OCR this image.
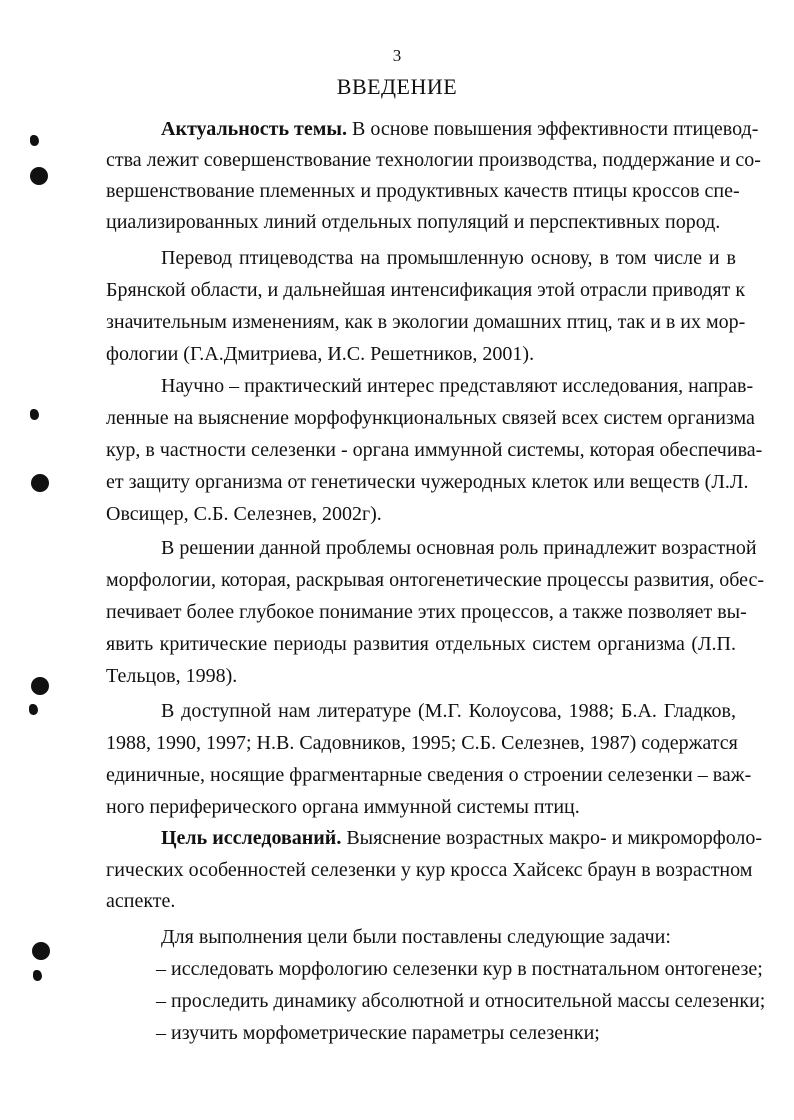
3
ВВЕДЕНИЕ
Актуальность темы. В основе повышения эффективности птицевод-
ства лежит совершенствование технологии производства, поддержание и со-
вершенствование племенных и продуктивных качеств птицы кроссов спе-
циализированных линий отдельных популяций и перспективных пород.
Перевод птицеводства на промышленную основу, в том числе и в
Брянской области, и дальнейшая интенсификация этой отрасли приводят к
значительным изменениям, как в экологии домашних птиц, так и в их мор-
фологии (Г.А.Дмитриева, И.С. Решетников, 2001).
Научно – практический интерес представляют исследования, направ-
ленные на выяснение морфофункциональных связей всех систем организма
кур, в частности селезенки - органа иммунной системы, которая обеспечива-
ет защиту организма от генетически чужеродных клеток или веществ (Л.Л.
Овсищер, С.Б. Селезнев, 2002г).
В решении данной проблемы основная роль принадлежит возрастной
морфологии, которая, раскрывая онтогенетические процессы развития, обес-
печивает более глубокое понимание этих процессов, а также позволяет вы-
явить критические периоды развития отдельных систем организма (Л.П.
Тельцов, 1998).
В доступной нам литературе (М.Г. Колоусова, 1988; Б.А. Гладков,
1988, 1990, 1997; Н.В. Садовников, 1995; С.Б. Селезнев, 1987) содержатся
единичные, носящие фрагментарные сведения о строении селезенки – важ-
ного периферического органа иммунной системы птиц.
Цель исследований. Выяснение возрастных макро- и микроморфоло-
гических особенностей селезенки у кур кросса Хайсекс браун в возрастном
аспекте.
Для выполнения цели были поставлены следующие задачи:
– исследовать морфологию селезенки кур в постнатальном онтогенезе;
– проследить динамику абсолютной и относительной массы селезенки;
– изучить морфометрические параметры селезенки;
